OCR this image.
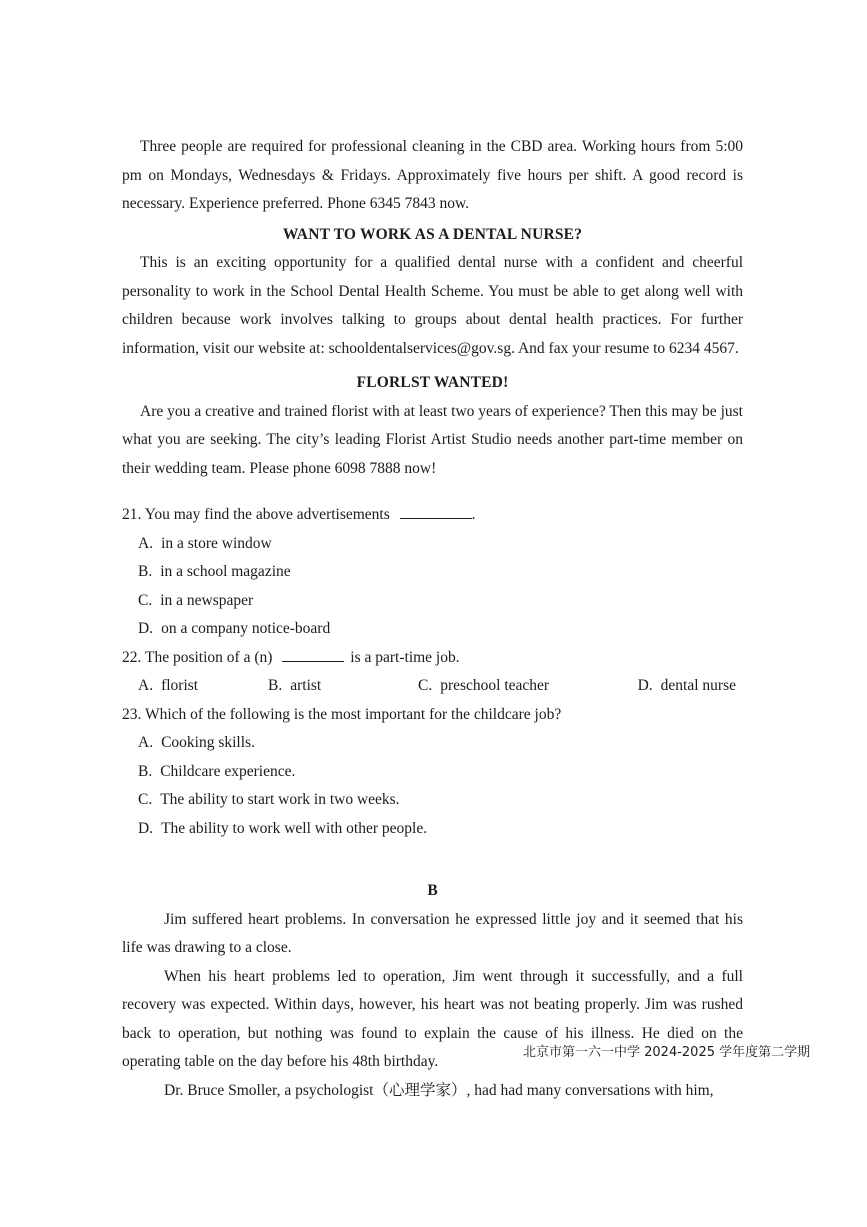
Three people are required for professional cleaning in the CBD area. Working hours from 5:00 pm on Mondays, Wednesdays & Fridays. Approximately five hours per shift. A good record is necessary. Experience preferred. Phone 6345 7843 now.

WANT TO WORK AS A DENTAL NURSE?

This is an exciting opportunity for a qualified dental nurse with a confident and cheerful personality to work in the School Dental Health Scheme. You must be able to get along well with children because work involves talking to groups about dental health practices. For further information, visit our website at: schooldentalservices@gov.sg. And fax your resume to 6234 4567.

FLORLST WANTED!

Are you a creative and trained florist with at least two years of experience? Then this may be just what you are seeking. The city’s leading Florist Artist Studio needs another part-time member on their wedding team. Please phone 6098 7888 now!

21. You may find the above advertisements	.

A. in a store window
B. in a school magazine
C. in a newspaper
D. on a company notice-board

22. The position of a (n)	is a part-time job.

A. florist	B. artist	C. preschool teacher	D. dental nurse

23. Which of the following is the most important for the childcare job?

A. Cooking skills.
B. Childcare experience.
C. The ability to start work in two weeks.
D. The ability to work well with other people.

B

Jim suffered heart problems. In conversation he expressed little joy and it seemed that his life was drawing to a close.

When his heart problems led to operation, Jim went through it successfully, and a full recovery was expected. Within days, however, his heart was not beating properly. Jim was rushed back to operation, but nothing was found to explain the cause of his illness. He died on the operating table on the day before his 48th birthday.

Dr. Bruce Smoller, a psychologist（心理学家）, had had many conversations with him,

北京市第一六一中学 2024-2025 学年度第二学期
